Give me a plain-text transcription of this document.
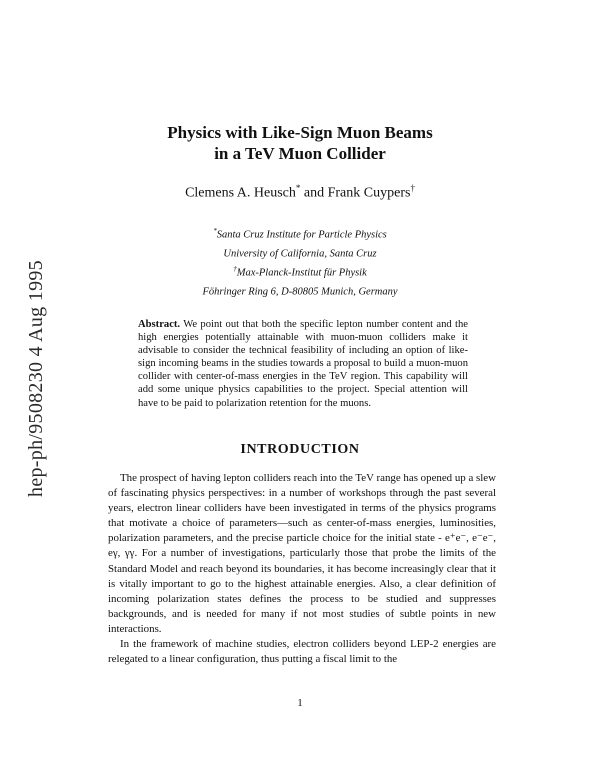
hep-ph/9508230 4 Aug 1995
Physics with Like-Sign Muon Beams
in a TeV Muon Collider
Clemens A. Heusch* and Frank Cuypers†
*Santa Cruz Institute for Particle Physics
University of California, Santa Cruz
†Max-Planck-Institut für Physik
Föhringer Ring 6, D-80805 Munich, Germany
Abstract. We point out that both the specific lepton number content and the high energies potentially attainable with muon-muon colliders make it advisable to consider the technical feasibility of including an option of like-sign incoming beams in the studies towards a proposal to build a muon-muon collider with center-of-mass energies in the TeV region. This capability will add some unique physics capabilities to the project. Special attention will have to be paid to polarization retention for the muons.
INTRODUCTION

The prospect of having lepton colliders reach into the TeV range has opened up a slew of fascinating physics perspectives: in a number of workshops through the past several years, electron linear colliders have been investigated in terms of the physics programs that motivate a choice of parameters—such as center-of-mass energies, luminosities, polarization parameters, and the precise particle choice for the initial state - e⁺e⁻, e⁻e⁻, eγ, γγ. For a number of investigations, particularly those that probe the limits of the Standard Model and reach beyond its boundaries, it has become increasingly clear that it is vitally important to go to the highest attainable energies. Also, a clear definition of incoming polarization states defines the process to be studied and suppresses backgrounds, and is needed for many if not most studies of subtle points in new interactions.

In the framework of machine studies, electron colliders beyond LEP-2 energies are relegated to a linear configuration, thus putting a fiscal limit to the

1
